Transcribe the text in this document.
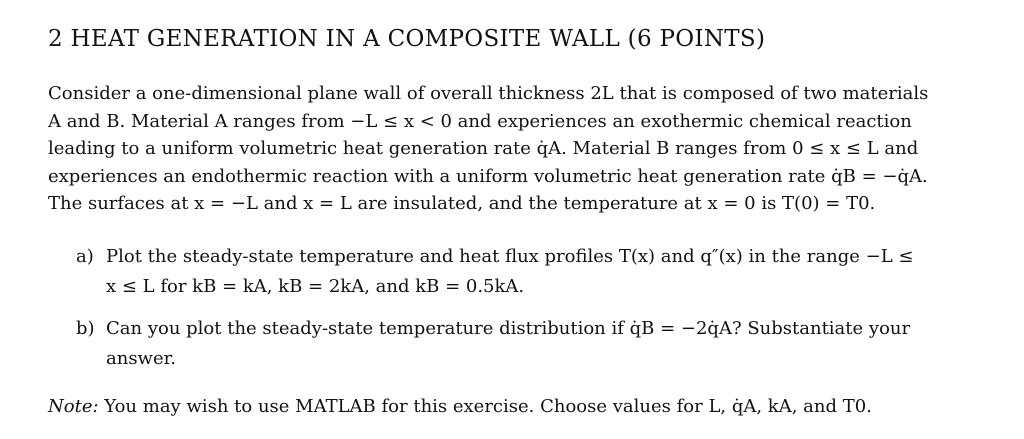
2 HEAT GENERATION IN A COMPOSITE WALL (6 POINTS)
Consider a one-dimensional plane wall of overall thickness 2L that is composed of two materials
A and B. Material A ranges from −L ≤ x < 0 and experiences an exothermic chemical reaction
leading to a uniform volumetric heat generation rate q̇A. Material B ranges from 0 ≤ x ≤ L and
experiences an endothermic reaction with a uniform volumetric heat generation rate q̇B = −q̇A.
The surfaces at x = −L and x = L are insulated, and the temperature at x = 0 is T(0) = T0.
a) Plot the steady-state temperature and heat flux profiles T(x) and q″(x) in the range −L ≤
x ≤ L for kB = kA, kB = 2kA, and kB = 0.5kA.
b) Can you plot the steady-state temperature distribution if q̇B = −2q̇A? Substantiate your
answer.
Note: You may wish to use MATLAB for this exercise. Choose values for L, q̇A, kA, and T0.
